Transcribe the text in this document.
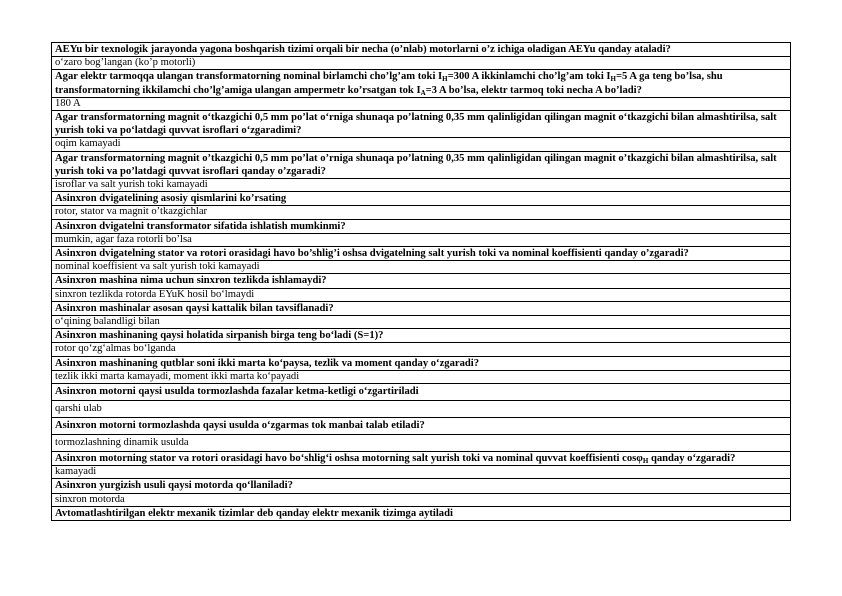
AEYu bir texnologik jarayonda yagona boshqarish tizimi orqali bir necha (o’nlab) motorlarni o’z ichiga oladigan AEYu qanday ataladi?
o‘zaro bog’langan (ko’p motorli)
Agar elektr tarmoqqa ulangan transformatorning nominal birlamchi cho’lg’am toki $I_H=300$ A ikkinlamchi cho’lg’am toki $I_H=5$ A ga teng bo’lsa, shu transformatorning ikkilamchi cho’lg’amiga ulangan ampermetr ko’rsatgan tok $I_A=3$ A bo’lsa, elektr tarmoq toki necha A bo’ladi?
180 A
Agar transformatorning magnit o‘tkazgichi 0,5 mm po’lat o‘rniga shunaqa po’latning 0,35 mm qalinligidan qilingan magnit o‘tkazgichi bilan almashtirilsa, salt yurish toki va po‘latdagi quvvat isroflari o‘zgaradimi?
oqim kamayadi
Agar transformatorning magnit o’tkazgichi 0,5 mm po’lat o’rniga shunaqa po’latning 0,35 mm qalinligidan qilingan magnit o’tkazgichi bilan almashtirilsa, salt yurish toki va po’latdagi quvvat isroflari qanday o’zgaradi?
isroflar va salt yurish toki kamayadi
Asinxron dvigatelining asosiy qismlarini ko’rsating
rotor, stator va magnit o’tkazgichlar
Asinxron dvigatelni transformator sifatida ishlatish mumkinmi?
mumkin, agar faza rotorli bo’lsa
Asinxron dvigatelning stator va rotori orasidagi havo bo’shlig’i oshsa dvigatelning salt yurish toki va nominal koeffisienti qanday o’zgaradi?
nominal koeffisient va salt yurish toki kamayadi
Asinxron mashina nima uchun sinxron tezlikda ishlamaydi?
sinxron tezlikda rotorda EYuK hosil bo‘lmaydi
Asinxron mashinalar asosan qaysi kattalik bilan tavsiflanadi?
o‘qining balandligi bilan
Asinxron mashinaning qaysi holatida sirpanish birga teng bo‘ladi (S=1)?
rotor qo‘zg‘almas bo‘lganda
Asinxron mashinaning qutblar soni ikki marta ko‘paysa, tezlik va moment qanday o‘zgaradi?
tezlik ikki marta kamayadi, moment ikki marta ko‘payadi
Asinxron motorni qaysi usulda tormozlashda fazalar ketma-ketligi o‘zgartiriladi
qarshi ulab
Asinxron motorni tormozlashda qaysi usulda o‘zgarmas tok manbai talab etiladi?
tormozlashning dinamik usulda
Asinxron motorning stator va rotori orasidagi havo bo‘shlig‘i oshsa motorning salt yurish toki va nominal quvvat koeffisienti cosφ$_H$ qanday o‘zgaradi?
kamayadi
Asinxron yurgizish usuli qaysi motorda qo‘llaniladi?
sinxron motorda
Avtomatlashtirilgan elektr mexanik tizimlar deb qanday elektr mexanik tizimga aytiladi
